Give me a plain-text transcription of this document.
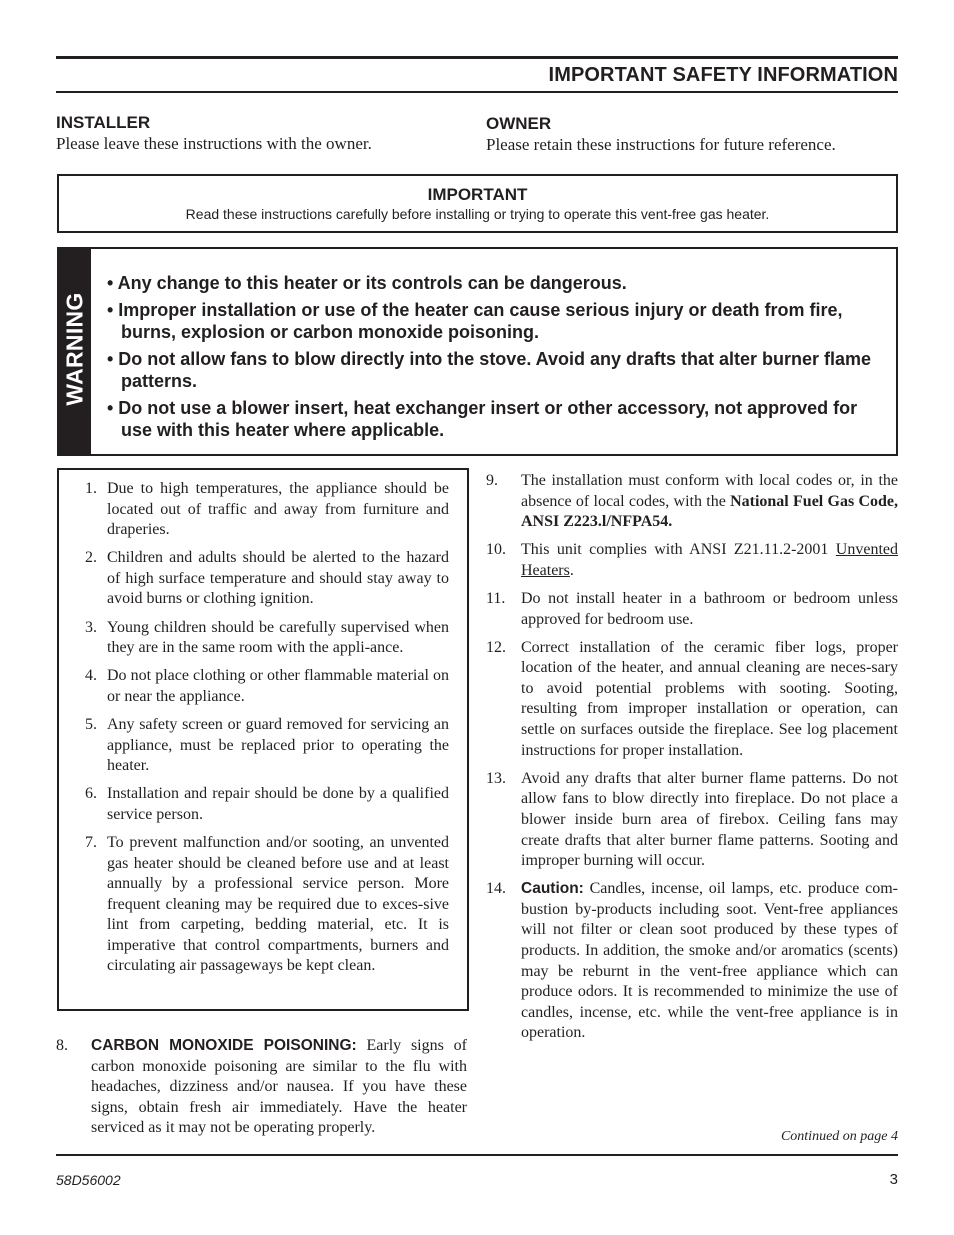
IMPORTANT SAFETY INFORMATION
INSTALLER
Please leave these instructions with the owner.
OWNER
Please retain these instructions for future reference.
IMPORTANT
Read these instructions carefully before installing or trying to operate this vent-free gas heater.
WARNING
• Any change to this heater or its controls can be dangerous.
• Improper installation or use of the heater can cause serious injury or death from fire, burns, explosion or carbon monoxide poisoning.
• Do not allow fans to blow directly into the stove. Avoid any drafts that alter burner flame patterns.
• Do not use a blower insert, heat exchanger insert or other accessory, not approved for use with this heater where applicable.
1. Due to high temperatures, the appliance should be located out of traffic and away from furniture and draperies.
2. Children and adults should be alerted to the hazard of high surface temperature and should stay away to avoid burns or clothing ignition.
3. Young children should be carefully supervised when they are in the same room with the appli-ance.
4. Do not place clothing or other flammable material on or near the appliance.
5. Any safety screen or guard removed for servicing an appliance, must be replaced prior to operating the heater.
6. Installation and repair should be done by a qualified service person.
7. To prevent malfunction and/or sooting, an unvented gas heater should be cleaned before use and at least annually by a professional service person. More frequent cleaning may be required due to exces-sive lint from carpeting, bedding material, etc. It is imperative that control compartments, burners and circulating air passageways be kept clean.
8. CARBON MONOXIDE POISONING: Early signs of carbon monoxide poisoning are similar to the flu with headaches, dizziness and/or nausea. If you have these signs, obtain fresh air immediately. Have the heater serviced as it may not be operating properly.
9. The installation must conform with local codes or, in the absence of local codes, with the National Fuel Gas Code, ANSI Z223.l/NFPA54.
10. This unit complies with ANSI Z21.11.2-2001 Unvented Heaters.
11. Do not install heater in a bathroom or bedroom unless approved for bedroom use.
12. Correct installation of the ceramic fiber logs, proper location of the heater, and annual cleaning are neces-sary to avoid potential problems with sooting. Sooting, resulting from improper installation or operation, can settle on surfaces outside the fireplace. See log placement instructions for proper installation.
13. Avoid any drafts that alter burner flame patterns. Do not allow fans to blow directly into fireplace. Do not place a blower inside burn area of firebox. Ceiling fans may create drafts that alter burner flame patterns. Sooting and improper burning will occur.
14. Caution: Candles, incense, oil lamps, etc. produce com-bustion by-products including soot. Vent-free appliances will not filter or clean soot produced by these types of products. In addition, the smoke and/or aromatics (scents) may be reburnt in the vent-free appliance which can produce odors. It is recommended to minimize the use of candles, incense, etc. while the vent-free appliance is in operation.
Continued on page 4
58D56002	3
